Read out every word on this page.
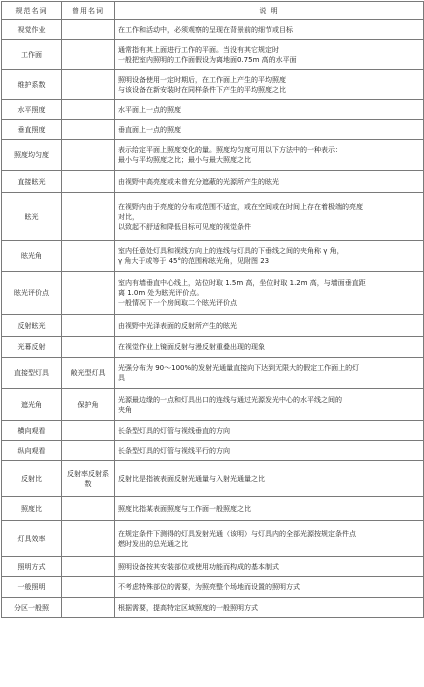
规范名词	曾用名词	说 明
视觉作业		在工作和活动中，必须观察的呈现在背景前的细节或目标

工作面		通常指有其上面进行工作的平面。当没有其它规定时
一般把室内照明的工作面假设为离地面0.75m 高的水平面

维护系数		照明设备使用一定时期后，在工作面上产生的平均照度
与该设备在新安装时在同样条件下产生的平均照度之比

水平照度		水平面上一点的照度

垂直照度		垂直面上一点的照度

照度均匀度		表示给定平面上照度变化的量。照度均匀度可用以下方法中的一种表示：
最小与平均照度之比；最小与最大照度之比

直接眩光		由视野中高亮度或未曾充分遮蔽的光源所产生的眩光

眩光		在视野内由于亮度的分布或范围不适宜，或在空间或在时间上存在着极端的亮度
对比，
以致起不舒适和降低目标可见度的视觉条件

眩光角		室内任意处灯具和视线方向上的连线与灯具的下垂线之间的夹角称 γ 角，
γ 角大于或等于 45°的范围称眩光角，见附图 23

眩光评价点		室内有墙垂直中心线上，站位时取 1.5m 高，坐位时取 1.2m 高，与墙面垂直距
离 1.0m 处为眩光评价点。
一般情况下一个房间取二个眩光评价点

反射眩光		由视野中光泽表面的反射所产生的眩光

光幕反射		在视觉作业上镜面反射与漫反射重叠出现的现象

直接型灯具	敞光型灯具	光强分布为 90～100%的发射光通量直接向下达到无限大的假定工作面上的灯
具

遮光角	保护角	光源最边缘的一点和灯具出口的连线与通过光源发光中心的水平线之间的
夹角

横向观看		长条型灯具的灯管与视线垂直的方向

纵向观看		长条型灯具的灯管与视线平行的方向

反射比	反射率反射系数	反射比是指被表面反射光通量与入射光通量之比

照度比		照度比指某表面照度与工作面一般照度之比

灯具效率		在规定条件下测得的灯具发射光通（该明）与灯具内的全部光源按规定条件点
燃时发出的总光通之比

照明方式		照明设备按其安装部位或使用功能而构成的基本制式

一般照明		不考虑特殊部位的需要，为照亮整个场地而设置的照明方式

分区一般照		根据需要，提高特定区域照度的一般照明方式
